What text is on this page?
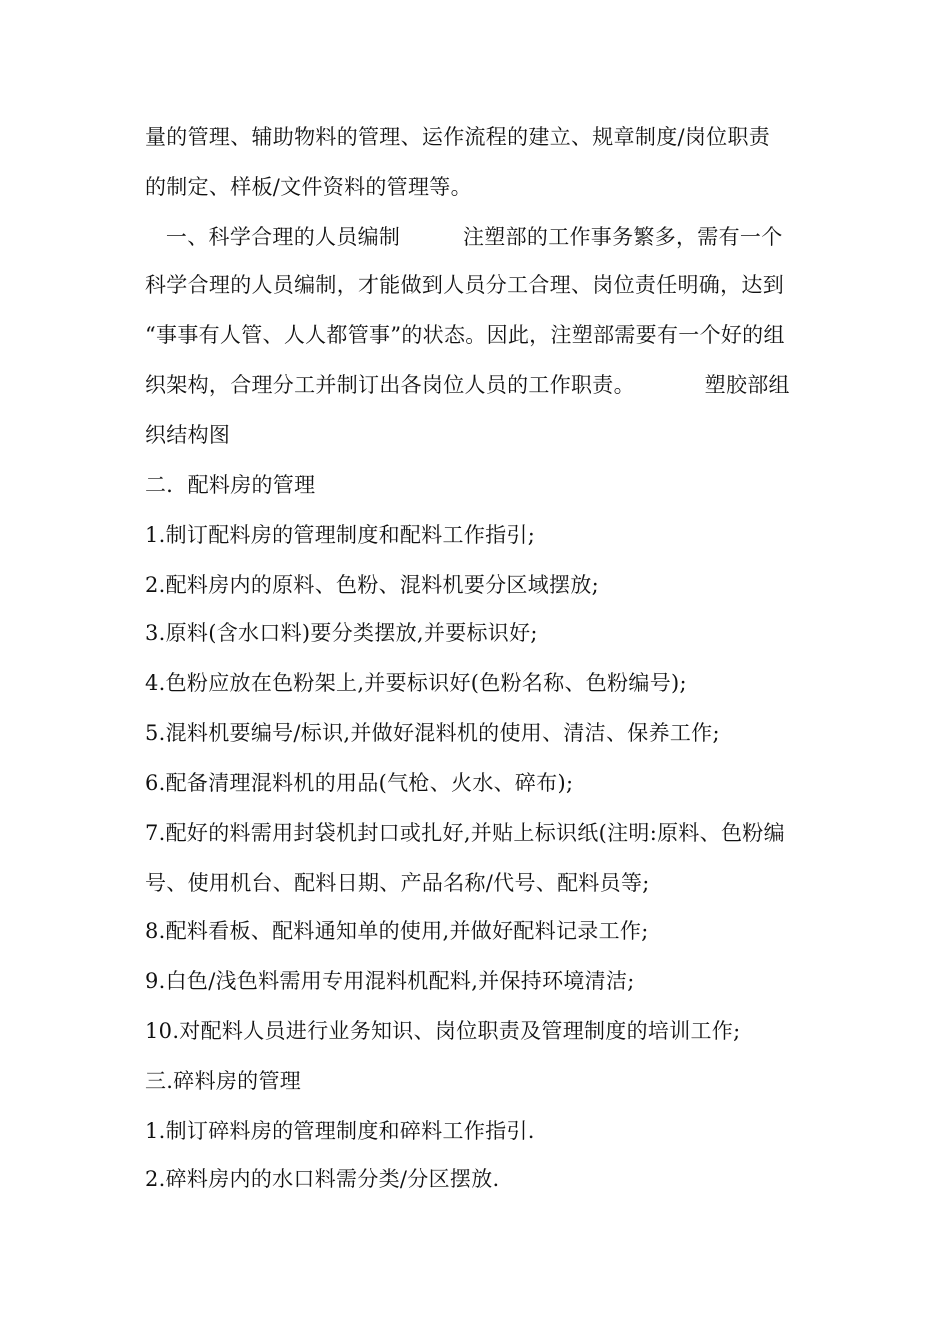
量的管理、辅助物料的管理、运作流程的建立、规章制度/岗位职责
的制定、样板/文件资料的管理等。
一、科学合理的人员编制         注塑部的工作事务繁多，需有一个
科学合理的人员编制，才能做到人员分工合理、岗位责任明确，达到
“事事有人管、人人都管事”的状态。因此，注塑部需要有一个好的组
织架构，合理分工并制订出各岗位人员的工作职责。          塑胶部组
织结构图
二．配料房的管理
1.制订配料房的管理制度和配料工作指引;
2.配料房内的原料、色粉、混料机要分区域摆放;
3.原料(含水口料)要分类摆放,并要标识好;
4.色粉应放在色粉架上,并要标识好(色粉名称、色粉编号);
5.混料机要编号/标识,并做好混料机的使用、清洁、保养工作;
6.配备清理混料机的用品(气枪、火水、碎布);
7.配好的料需用封袋机封口或扎好,并贴上标识纸(注明:原料、色粉编
号、使用机台、配料日期、产品名称/代号、配料员等;
8.配料看板、配料通知单的使用,并做好配料记录工作;
9.白色/浅色料需用专用混料机配料,并保持环境清洁;
10.对配料人员进行业务知识、岗位职责及管理制度的培训工作;
三.碎料房的管理
1.制订碎料房的管理制度和碎料工作指引.
2.碎料房内的水口料需分类/分区摆放.
